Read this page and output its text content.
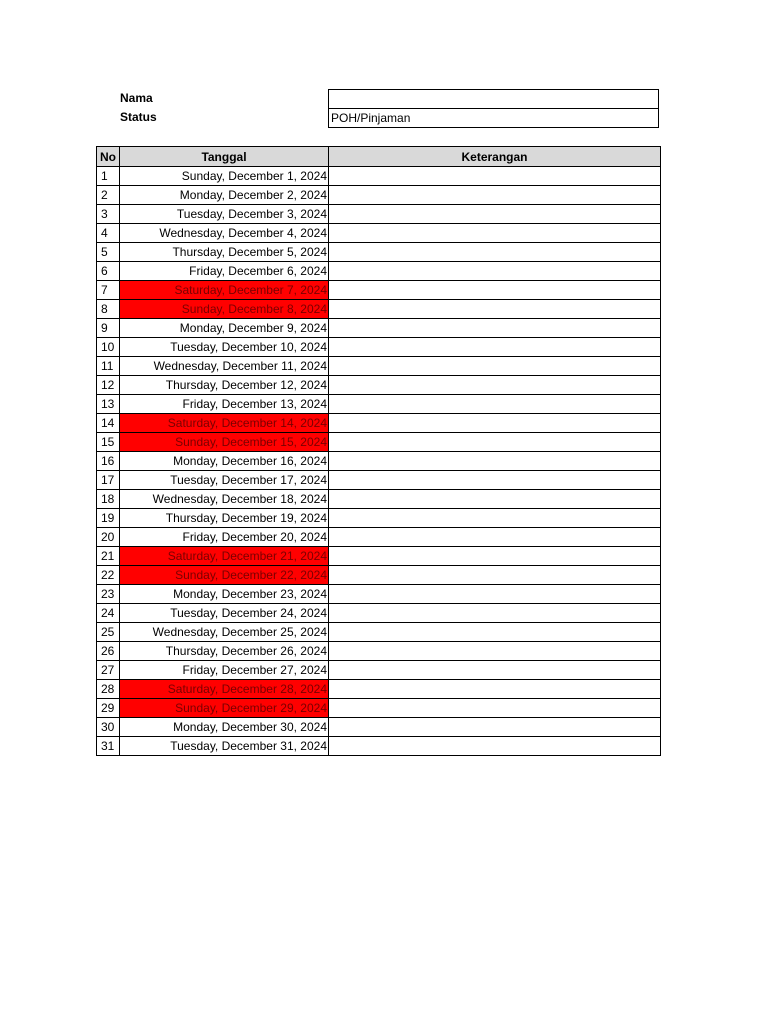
Nama
Status	POH/Pinjaman
No	Tanggal	Keterangan
1	Sunday, December 1, 2024	
2	Monday, December 2, 2024	
3	Tuesday, December 3, 2024	
4	Wednesday, December 4, 2024	
5	Thursday, December 5, 2024	
6	Friday, December 6, 2024	
7	Saturday, December 7, 2024	
8	Sunday, December 8, 2024	
9	Monday, December 9, 2024	
10	Tuesday, December 10, 2024	
11	Wednesday, December 11, 2024	
12	Thursday, December 12, 2024	
13	Friday, December 13, 2024	
14	Saturday, December 14, 2024	
15	Sunday, December 15, 2024	
16	Monday, December 16, 2024	
17	Tuesday, December 17, 2024	
18	Wednesday, December 18, 2024	
19	Thursday, December 19, 2024	
20	Friday, December 20, 2024	
21	Saturday, December 21, 2024	
22	Sunday, December 22, 2024	
23	Monday, December 23, 2024	
24	Tuesday, December 24, 2024	
25	Wednesday, December 25, 2024	
26	Thursday, December 26, 2024	
27	Friday, December 27, 2024	
28	Saturday, December 28, 2024	
29	Sunday, December 29, 2024	
30	Monday, December 30, 2024	
31	Tuesday, December 31, 2024	
